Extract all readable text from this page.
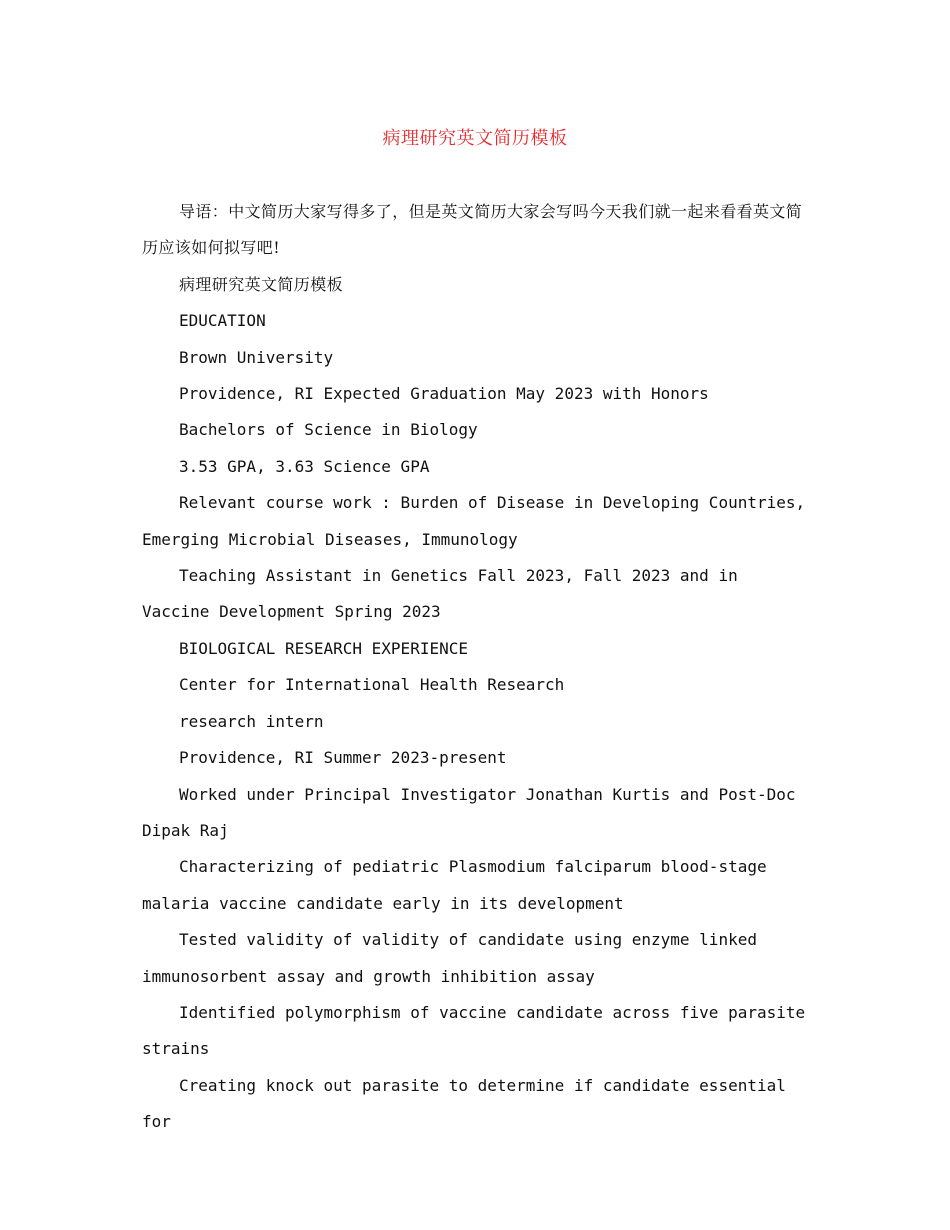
病理研究英文简历模板

导语：中文简历大家写得多了，但是英文简历大家会写吗今天我们就一起来看看英文简历应该如何拟写吧!

病理研究英文简历模板

EDUCATION

Brown University

Providence, RI Expected Graduation May 2023 with Honors

Bachelors of Science in Biology

3.53 GPA, 3.63 Science GPA

Relevant course work : Burden of Disease in Developing Countries, Emerging Microbial Diseases, Immunology

Teaching Assistant in Genetics Fall 2023, Fall 2023 and in Vaccine Development Spring 2023

BIOLOGICAL RESEARCH EXPERIENCE

Center for International Health Research

research intern

Providence, RI Summer 2023-present

Worked under Principal Investigator Jonathan Kurtis and Post-Doc Dipak Raj

Characterizing of pediatric Plasmodium falciparum blood-stage malaria vaccine candidate early in its development

Tested validity of validity of candidate using enzyme linked immunosorbent assay and growth inhibition assay

Identified polymorphism of vaccine candidate across five parasite strains

Creating knock out parasite to determine if candidate essential for
